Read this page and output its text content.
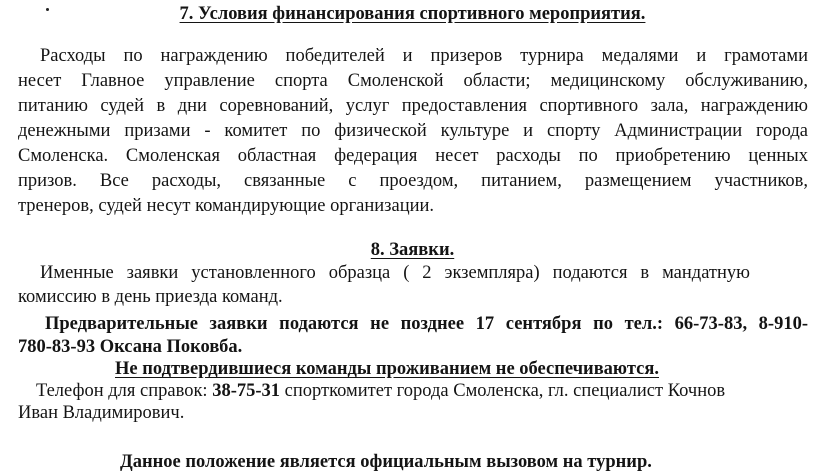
7. Условия финансирования спортивного мероприятия.
Расходы по награждению победителей и призеров турнира медалями и грамотами
несет Главное управление спорта Смоленской области; медицинскому обслуживанию,
питанию судей в дни соревнований, услуг предоставления спортивного зала, награждению
денежными призами - комитет по физической культуре и спорту Администрации города
Смоленска. Смоленская областная федерация несет расходы по приобретению ценных
призов. Все расходы, связанные с проездом, питанием, размещением участников,
тренеров, судей несут командирующие организации.
8. Заявки.
Именные заявки установленного образца ( 2 экземпляра) подаются в мандатную
комиссию в день приезда команд.
Предварительные заявки подаются не позднее 17 сентября по тел.: 66-73-83, 8-910-
780-83-93 Оксана Поковба.
Не подтвердившиеся команды проживанием не обеспечиваются.
Телефон для справок: 38-75-31 спорткомитет города Смоленска, гл. специалист Кочнов
Иван Владимирович.
Данное положение является официальным вызовом на турнир.
